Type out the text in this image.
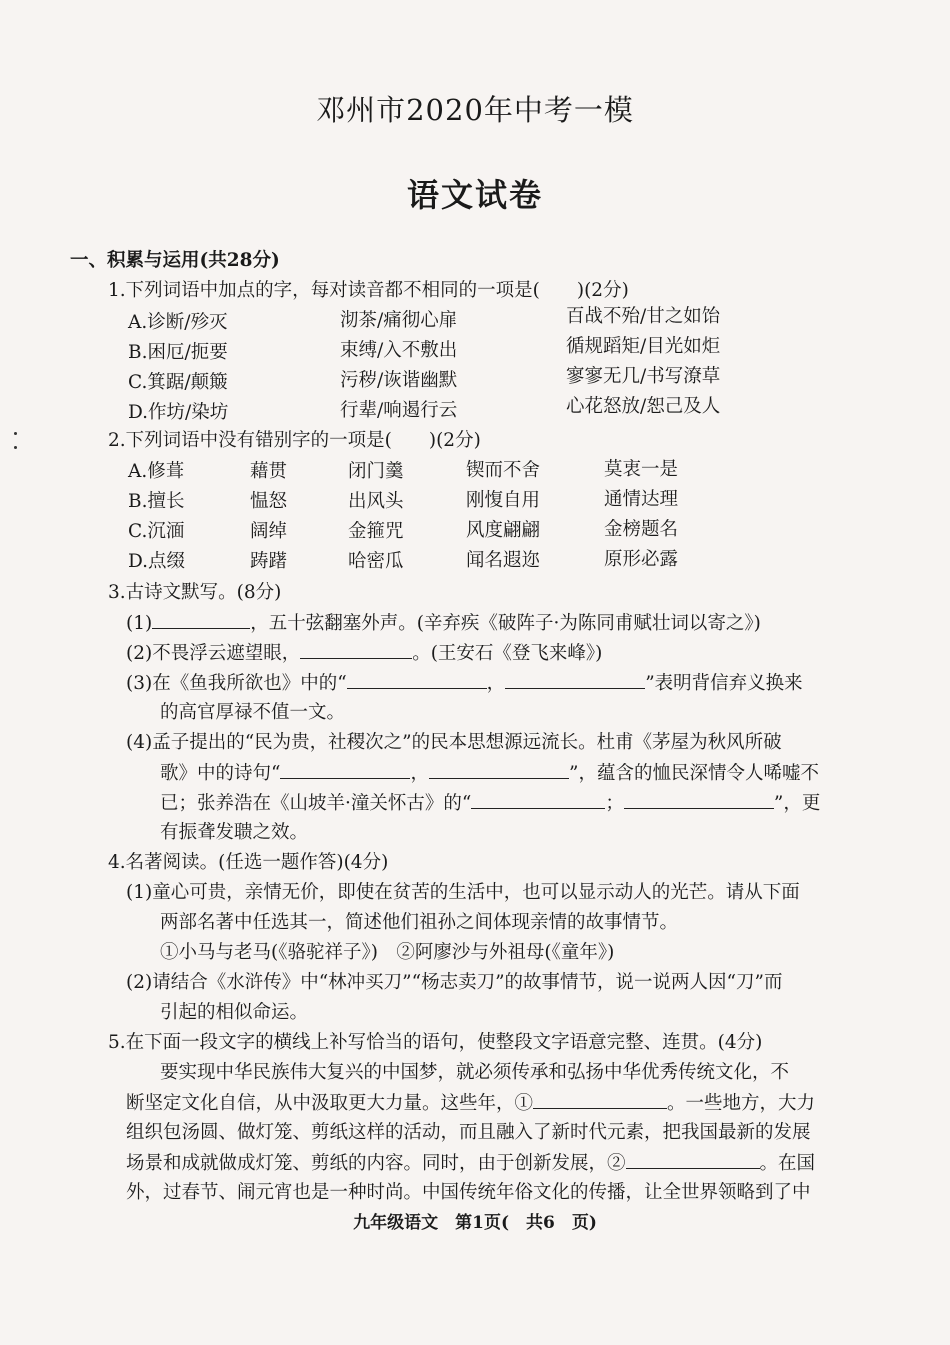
邓州市2020年中考一模
语文试卷
一、积累与运用(共28分)
1.下列词语中加点的字，每对读音都不相同的一项是(　　)(2分)
A.诊断/殄灭	沏茶/痛彻心扉	百战不殆/甘之如饴
B.困厄/扼要	束缚/入不敷出	循规蹈矩/目光如炬
C.箕踞/颠簸	污秽/诙谐幽默	寥寥无几/书写潦草
D.作坊/染坊	行辈/响遏行云	心花怒放/恕己及人
2.下列词语中没有错别字的一项是(　　)(2分)
A.修葺	藉贯	闭门羹	锲而不舍	莫衷一是
B.擅长	愠怒	出风头	刚愎自用	通情达理
C.沉湎	阔绰	金箍咒	风度翩翩	金榜题名
D.点缀	踌躇	哈密瓜	闻名遐迩	原形必露
3.古诗文默写。(8分)
(1)	，五十弦翻塞外声。(辛弃疾《破阵子·为陈同甫赋壮词以寄之》)
(2)不畏浮云遮望眼，	。(王安石《登飞来峰》)
(3)在《鱼我所欲也》中的“	，	”表明背信弃义换来
的高官厚禄不值一文。
(4)孟子提出的“民为贵，社稷次之”的民本思想源远流长。杜甫《茅屋为秋风所破
歌》中的诗句“	，	”，蕴含的恤民深情令人唏嘘不
已；张养浩在《山坡羊·潼关怀古》的“	；	”，更
有振聋发聩之效。
4.名著阅读。(任选一题作答)(4分)
(1)童心可贵，亲情无价，即使在贫苦的生活中，也可以显示动人的光芒。请从下面
两部名著中任选其一，简述他们祖孙之间体现亲情的故事情节。
①小马与老马(《骆驼祥子》)　②阿廖沙与外祖母(《童年》)
(2)请结合《水浒传》中“林冲买刀”“杨志卖刀”的故事情节，说一说两人因“刀”而
引起的相似命运。
5.在下面一段文字的横线上补写恰当的语句，使整段文字语意完整、连贯。(4分)
要实现中华民族伟大复兴的中国梦，就必须传承和弘扬中华优秀传统文化，不
断坚定文化自信，从中汲取更大力量。这些年，①	。一些地方，大力
组织包汤圆、做灯笼、剪纸这样的活动，而且融入了新时代元素，把我国最新的发展
场景和成就做成灯笼、剪纸的内容。同时，由于创新发展，②	。在国
外，过春节、闹元宵也是一种时尚。中国传统年俗文化的传播，让全世界领略到了中
九年级语文　第1页(　共6　页)
